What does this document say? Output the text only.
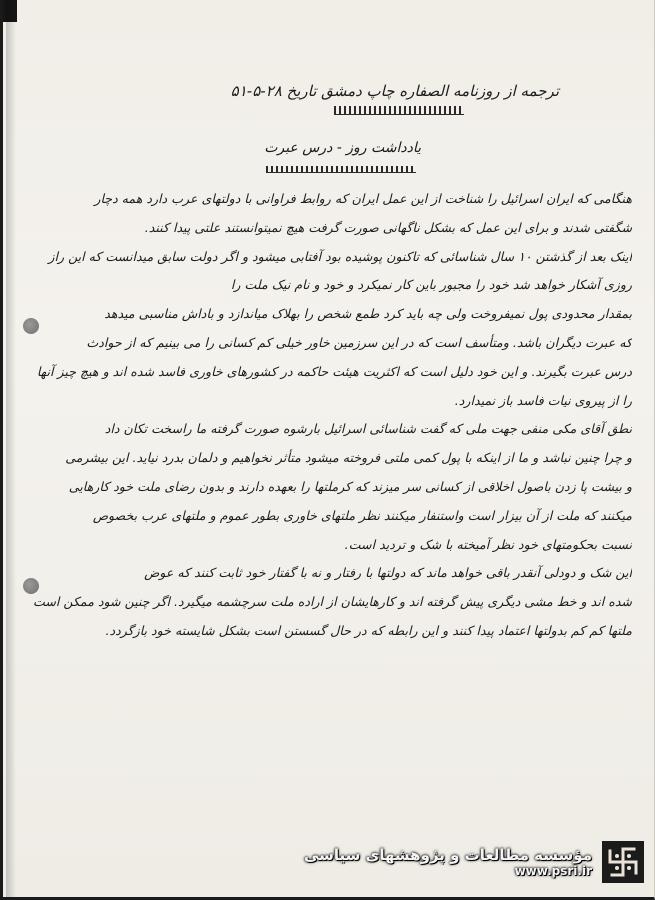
ترجمه از روزنامه الصفاره چاپ دمشق تاریخ ۲۸-۵-۵۱
یادداشت روز - درس عبرت
هنگامی که ایران اسرائیل را شناخت از این عمل ایران که روابط فراوانی با دولتهای عرب دارد همه دچار
شگفتی شدند و برای این عمل که بشکل ناگهانی صورت گرفت هیچ نمیتوانستند علتی پیدا کنند.
اینک بعد از گذشتن ۱۰ سال شناسائی که تاکنون پوشیده بود آفتابی میشود و اگر دولت سابق میدانست که این راز
روزی آشکار خواهد شد خود را مجبور باین کار نمیکرد و خود و نام نیک ملت را
بمقدار محدودی پول نمیفروخت ولی چه باید کرد طمع شخص را بهلاک میاندازد و باداش مناسبی میدهد
که عبرت دیگران باشد. ومتأسف است که در این سرزمین خاور خیلی کم کسانی را می بینیم که از حوادث
درس عبرت بگیرند. و این خود دلیل است که اکثریت هیئت حاکمه در کشورهای خاوری فاسد شده اند و هیچ چیز آنها
را از پیروی نیات فاسد باز نمیدارد.
نطق آقای مکی منفی جهت ملی که گفت شناسائی اسرائیل بارشوه صورت گرفته ما راسخت تکان داد
و چرا چنین نباشد و ما از اینکه با پول کمی ملتی فروخته میشود متأثر نخواهیم و دلمان بدرد نیاید. این بیشرمی
و بیشت پا زدن باصول اخلاقی از کسانی سر میزند که کرملتها را بعهده دارند و بدون رضای ملت خود کارهایی
میکنند که ملت از آن بیزار است واستنفار میکنند نظر ملتهای خاوری بطور عموم و ملتهای عرب بخصوص
نسبت بحکومتهای خود نظر آمیخته با شک و تردید است.
این شک و دودلی آنقدر باقی خواهد ماند که دولتها با رفتار و نه با گفتار خود ثابت کنند که عوض
شده اند و خط مشی دیگری پیش گرفته اند و کارهایشان از اراده ملت سرچشمه میگیرد. اگر چنین شود ممکن است
ملتها کم کم بدولتها اعتماد پیدا کنند و این رابطه که در حال گسستن است بشکل شایسته خود بازگردد.
مؤسسه مطالعات و پژوهشهای سیاسی
www.psri.ir
